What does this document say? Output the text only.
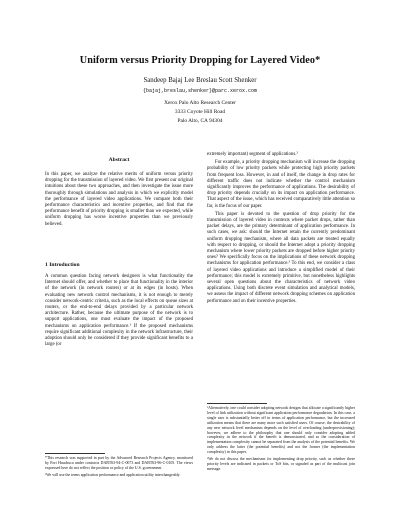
Uniform versus Priority Dropping for Layered Video*
Sandeep Bajaj Lee Breslau Scott Shenker
{bajaj,breslau,shenker}@parc.xerox.com
Xerox Palo Alto Research Center
3333 Coyote Hill Road
Palo Alto, CA 94304

Abstract

In this paper, we analyze the relative merits of uniform versus priority dropping for the transmission of layered video. We first present our original intuitions about these two approaches, and then investigate the issue more thoroughly through simulations and analysis in which we explicitly model the performance of layered video applications. We compare both their performance characteristics and incentive properties, and find that the performance benefit of priority dropping is smaller than we expected, while uniform dropping has worse incentive properties than we previously believed.

1 Introduction

A common question facing network designers is what functionality the Internet should offer, and whether to place that functionality in the interior of the network (in network routers) or at its edges (in hosts). When evaluating new network control mechanisms, it is not enough to merely consider network-centric criteria, such as the local effects on queue sizes at routers, or the end-to-end delays provided by a particular network architecture. Rather, because the ultimate purpose of the network is to support applications, one must evaluate the impact of the proposed mechanisms on application performance.¹ If the proposed mechanisms require significant additional complexity in the network infrastructure, their adoption should only be considered if they provide significant benefits to a large (or

*This research was supported in part by the Advanced Research Projects Agency, monitored by Fort Huachuca under contracts DABT63-94-C-0073 and DABT63-96-C-0105. The views expressed here do not reflect the position or policy of the U.S. government.

¹We will use the terms application performance and application utility interchangeably.

extremely important) segment of applications.²

For example, a priority dropping mechanism will increase the dropping probability of low priority packets while protecting high priority packets from frequent loss. However, in and of itself, the change in drop rates for different traffic does not indicate whether the control mechanism significantly improves the performance of applications. The desirability of drop priority depends crucially on its impact on application performance. That aspect of the issue, which has received comparatively little attention so far, is the focus of our paper.

This paper is devoted to the question of drop priority for the transmission of layered video in contexts where packet drops, rather than packet delays, are the primary determinant of application performance. In such cases, we ask: should the Internet retain the currently predominant uniform dropping mechanism, where all data packets are treated equally with respect to dropping, or should the Internet adopt a priority dropping mechanism where lower priority packets are dropped before higher priority ones? We specifically focus on the implications of these network dropping mechanisms for application performance.³ To this end, we consider a class of layered video applications and introduce a simplified model of their performance; this model is extremely primitive, but nonetheless highlights several open questions about the characteristics of network video applications. Using both discrete event simulation and analytical models, we assess the impact of different network dropping schemes on application performance and on their incentive properties.

²Alternatively, one could consider adopting network designs that allocate a significantly higher level of link utilization without significant application performance degradation. In this case, a single user is substantially better off in terms of application performance, but the increased utilization means that there are many more such satisfied users. Of course, the desirability of any new network level mechanism depends on the level of overloading (underprovisioning); however, we adhere to the philosophy that one should only consider adopting added complexity in the network if the benefit is demonstrated, and so the consideration of implementation complexity cannot be separated from the analysis of the potential benefits. We only address the latter (the potential benefits) and not the former (the implementation complexity) in this paper.

³We do not discuss the mechanisms for implementing drop priority, such as whether these priority levels are indicated in packets or ToS bits, or signaled as part of the multicast join message.
